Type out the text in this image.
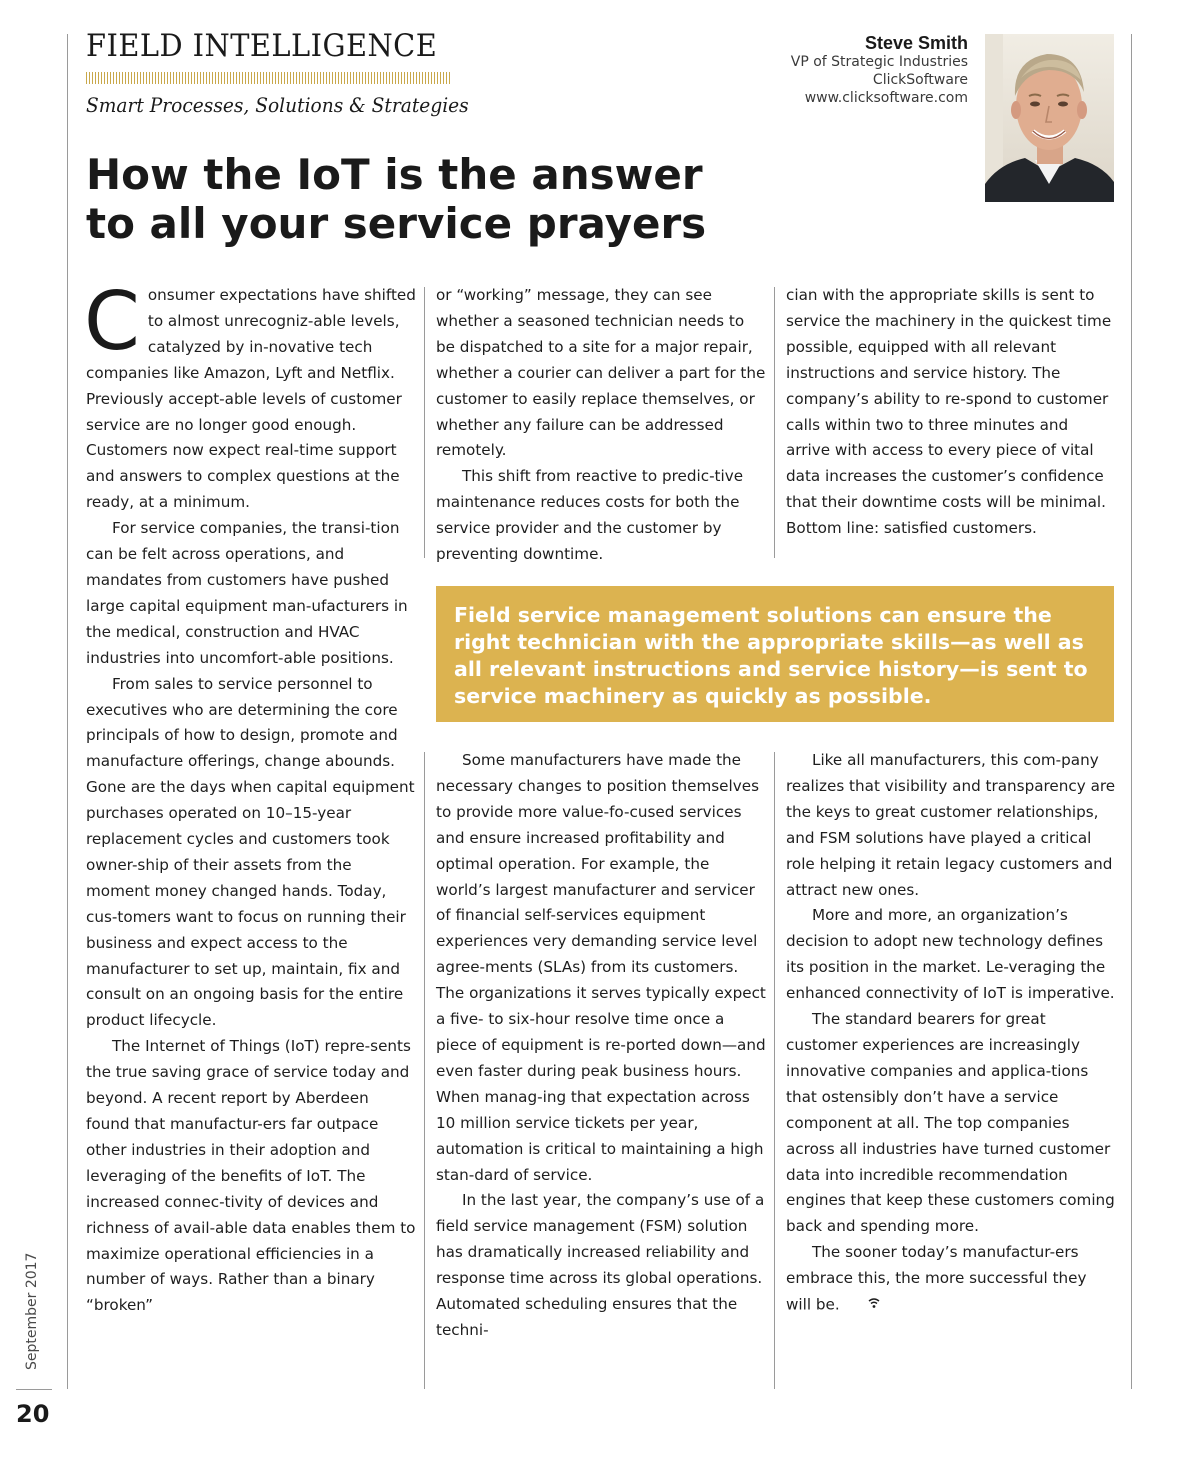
FIELD INTELLIGENCE
Smart Processes, Solutions & Strategies
Steve Smith
VP of Strategic Industries
ClickSoftware
www.clicksoftware.com
How the IoT is the answer
to all your service prayers

Consumer expectations have shifted to almost unrecogniz-able levels, catalyzed by in-novative tech companies like Amazon, Lyft and Netflix. Previously accept-able levels of customer service are no longer good enough. Customers now expect real-time support and answers to complex questions at the ready, at a minimum.

For service companies, the transi-tion can be felt across operations, and mandates from customers have pushed large capital equipment man-ufacturers in the medical, construction and HVAC industries into uncomfort-able positions.

From sales to service personnel to executives who are determining the core principals of how to design, promote and manufacture offerings, change abounds. Gone are the days when capital equipment purchases operated on 10–15-year replacement cycles and customers took owner-ship of their assets from the moment money changed hands. Today, cus-tomers want to focus on running their business and expect access to the manufacturer to set up, maintain, fix and consult on an ongoing basis for the entire product lifecycle.

The Internet of Things (IoT) repre-sents the true saving grace of service today and beyond. A recent report by Aberdeen found that manufactur-ers far outpace other industries in their adoption and leveraging of the benefits of IoT. The increased connec-tivity of devices and richness of avail-able data enables them to maximize operational efficiencies in a number of ways. Rather than a binary “broken”

or “working” message, they can see whether a seasoned technician needs to be dispatched to a site for a major repair, whether a courier can deliver a part for the customer to easily replace themselves, or whether any failure can be addressed remotely.

This shift from reactive to predic-tive maintenance reduces costs for both the service provider and the customer by preventing downtime.

cian with the appropriate skills is sent to service the machinery in the quickest time possible, equipped with all relevant instructions and service history. The company’s ability to re-spond to customer calls within two to three minutes and arrive with access to every piece of vital data increases the customer’s confidence that their downtime costs will be minimal. Bottom line: satisfied customers.

Field service management solutions can ensure the right technician with the appropriate skills—as well as all relevant instructions and service history—is sent to service machinery as quickly as possible.

Some manufacturers have made the necessary changes to position themselves to provide more value-fo-cused services and ensure increased profitability and optimal operation. For example, the world’s largest manufacturer and servicer of financial self-services equipment experiences very demanding service level agree-ments (SLAs) from its customers. The organizations it serves typically expect a five- to six-hour resolve time once a piece of equipment is re-ported down—and even faster during peak business hours. When manag-ing that expectation across 10 million service tickets per year, automation is critical to maintaining a high stan-dard of service.

In the last year, the company’s use of a field service management (FSM) solution has dramatically increased reliability and response time across its global operations. Automated scheduling ensures that the techni-

Like all manufacturers, this com-pany realizes that visibility and transparency are the keys to great customer relationships, and FSM solutions have played a critical role helping it retain legacy customers and attract new ones.

More and more, an organization’s decision to adopt new technology defines its position in the market. Le-veraging the enhanced connectivity of IoT is imperative.

The standard bearers for great customer experiences are increasingly innovative companies and applica-tions that ostensibly don’t have a service component at all. The top companies across all industries have turned customer data into incredible recommendation engines that keep these customers coming back and spending more.

The sooner today’s manufactur-ers embrace this, the more successful they will be.

September 2017
20
